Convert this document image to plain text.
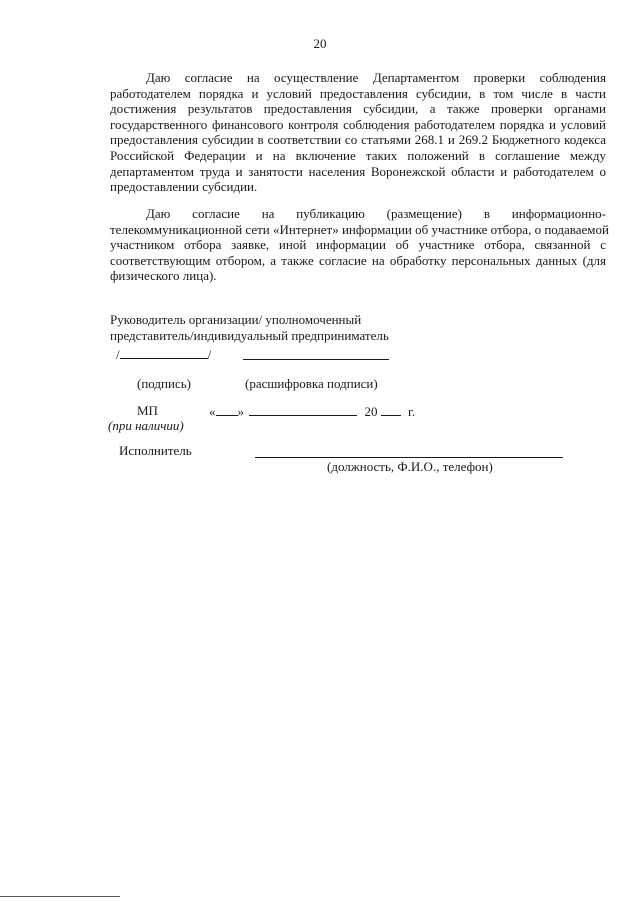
20
Даю согласие на осуществление Департаментом проверки соблюдения
работодателем порядка и условий предоставления субсидии, в том числе в части
достижения результатов предоставления субсидии, а также проверки органами
государственного финансового контроля соблюдения работодателем порядка и условий
предоставления субсидии в соответствии со статьями 268.1 и 269.2 Бюджетного кодекса
Российской Федерации и на включение таких положений в соглашение между
департаментом труда и занятости населения Воронежской области и работодателем о
предоставлении субсидии.
Даю согласие на публикацию (размещение) в информационно-
телекоммуникационной сети «Интернет» информации об участнике отбора, о подаваемой
участником отбора заявке, иной информации об участнике отбора, связанной с
соответствующим отбором, а также согласие на обработку персональных данных (для
физического лица).
Руководитель организации/ уполномоченный
представитель/индивидуальный предприниматель
/	/
(подпись)	(расшифровка подписи)
МП
(при наличии)
« »	20 г.
Исполнитель
(должность, Ф.И.О., телефон)
